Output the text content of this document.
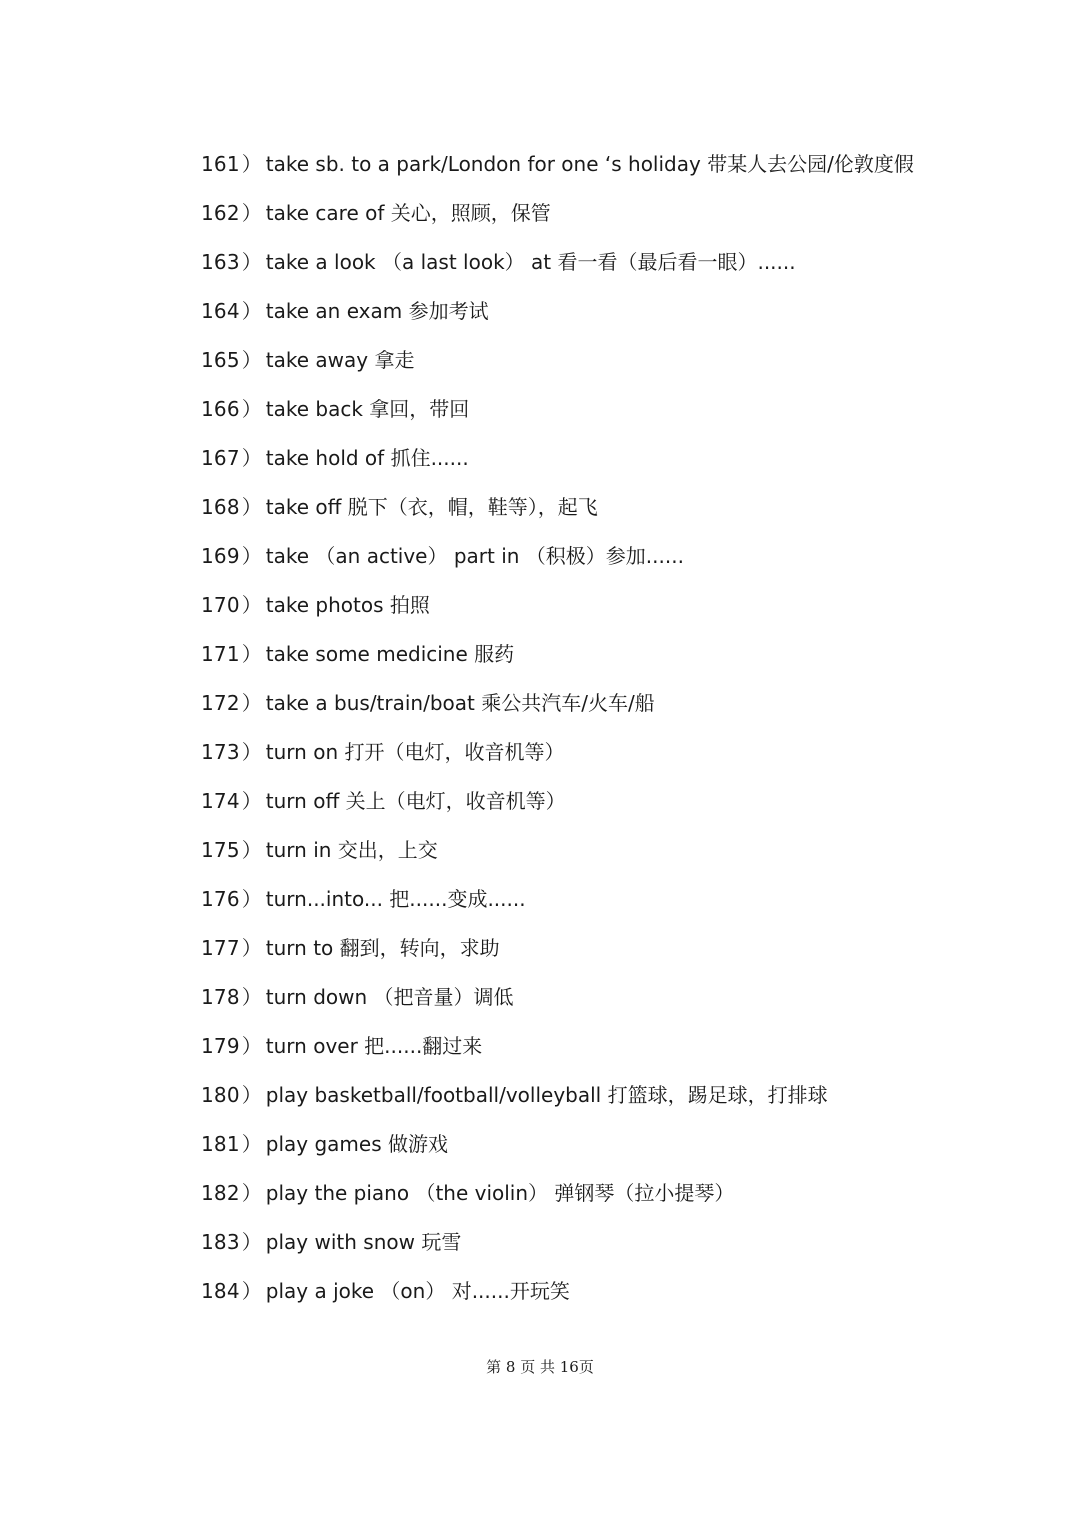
161 ） take sb. to a park/London for one ‘s holiday 带某人去公园/伦敦度假
162 ） take care of 关心，照顾，保管
163 ） take a look （a last look） at 看一看（最后看一眼）......
164 ） take an exam 参加考试
165 ） take away 拿走
166 ） take back 拿回，带回
167 ） take hold of 抓住......
168 ） take off 脱下（衣，帽，鞋等），起飞
169 ） take （an active） part in （积极）参加......
170 ） take photos 拍照
171 ） take some medicine 服药
172 ） take a bus/train/boat 乘公共汽车/火车/船
173 ） turn on 打开（电灯，收音机等）
174 ） turn off 关上（电灯，收音机等）
175 ） turn in 交出，上交
176 ） turn...into... 把......变成......
177 ） turn to 翻到，转向，求助
178 ） turn down （把音量）调低
179 ） turn over 把......翻过来
180 ） play basketball/football/volleyball 打篮球，踢足球，打排球
181 ） play games 做游戏
182 ） play the piano （the violin） 弹钢琴（拉小提琴）
183 ） play with snow 玩雪
184 ） play a joke （on） 对......开玩笑
第 8 页 共 16页
